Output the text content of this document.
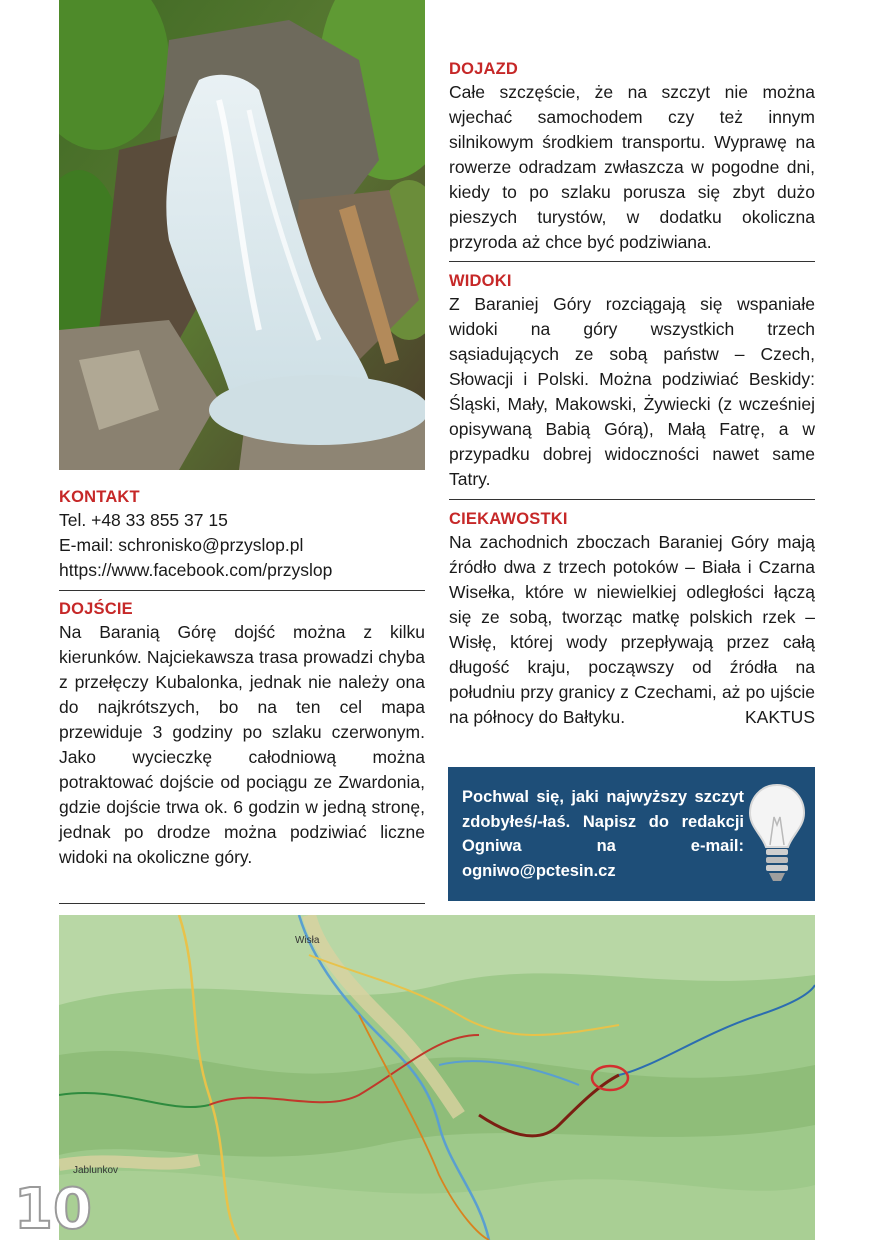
KONTAKT

Tel. +48 33 855 37 15

E-mail: schronisko@przyslop.pl

https://www.facebook.com/przyslop

DOJŚCIE

Na Baranią Górę dojść można z kilku kierunków. Najciekawsza trasa prowadzi chyba z przełęczy Kubalonka, jednak nie należy ona do najkrótszych, bo na ten cel mapa przewiduje 3 godziny po szlaku czerwonym. Jako wycieczkę całodniową można potraktować dojście od pociągu ze Zwardonia, gdzie dojście trwa ok. 6 godzin w jedną stronę, jednak po drodze można podziwiać liczne widoki na okoliczne góry.

DOJAZD

Całe szczęście, że na szczyt nie można wjechać samochodem czy też innym silnikowym środkiem transportu. Wyprawę na rowerze odradzam zwłaszcza w pogodne dni, kiedy to po szlaku porusza się zbyt dużo pieszych turystów, w dodatku okoliczna przyroda aż chce być podziwiana.

WIDOKI

Z Baraniej Góry rozciągają się wspaniałe widoki na góry wszystkich trzech sąsiadujących ze sobą państw – Czech, Słowacji i Polski. Można podziwiać Beskidy: Śląski, Mały, Makowski, Żywiecki (z wcześniej opisywaną Babią Górą), Małą Fatrę, a w przypadku dobrej widoczności nawet same Tatry.

CIEKAWOSTKI

Na zachodnich zboczach Baraniej Góry mają źródło dwa z trzech potoków – Biała i Czarna Wisełka, które w niewielkiej odległości łączą się ze sobą, tworząc matkę polskich rzek – Wisłę, której wody przepływają przez całą długość kraju, począwszy od źródła na południu przy granicy z Czechami, aż po ujście na północy do Bałtyku.	KAKTUS

Pochwal się, jaki najwyższy szczyt zdobyłeś/-łaś. Napisz do redakcji Ogniwa na e-mail: ogniwo@pctesin.cz

Wisła
Jablunkov
10
